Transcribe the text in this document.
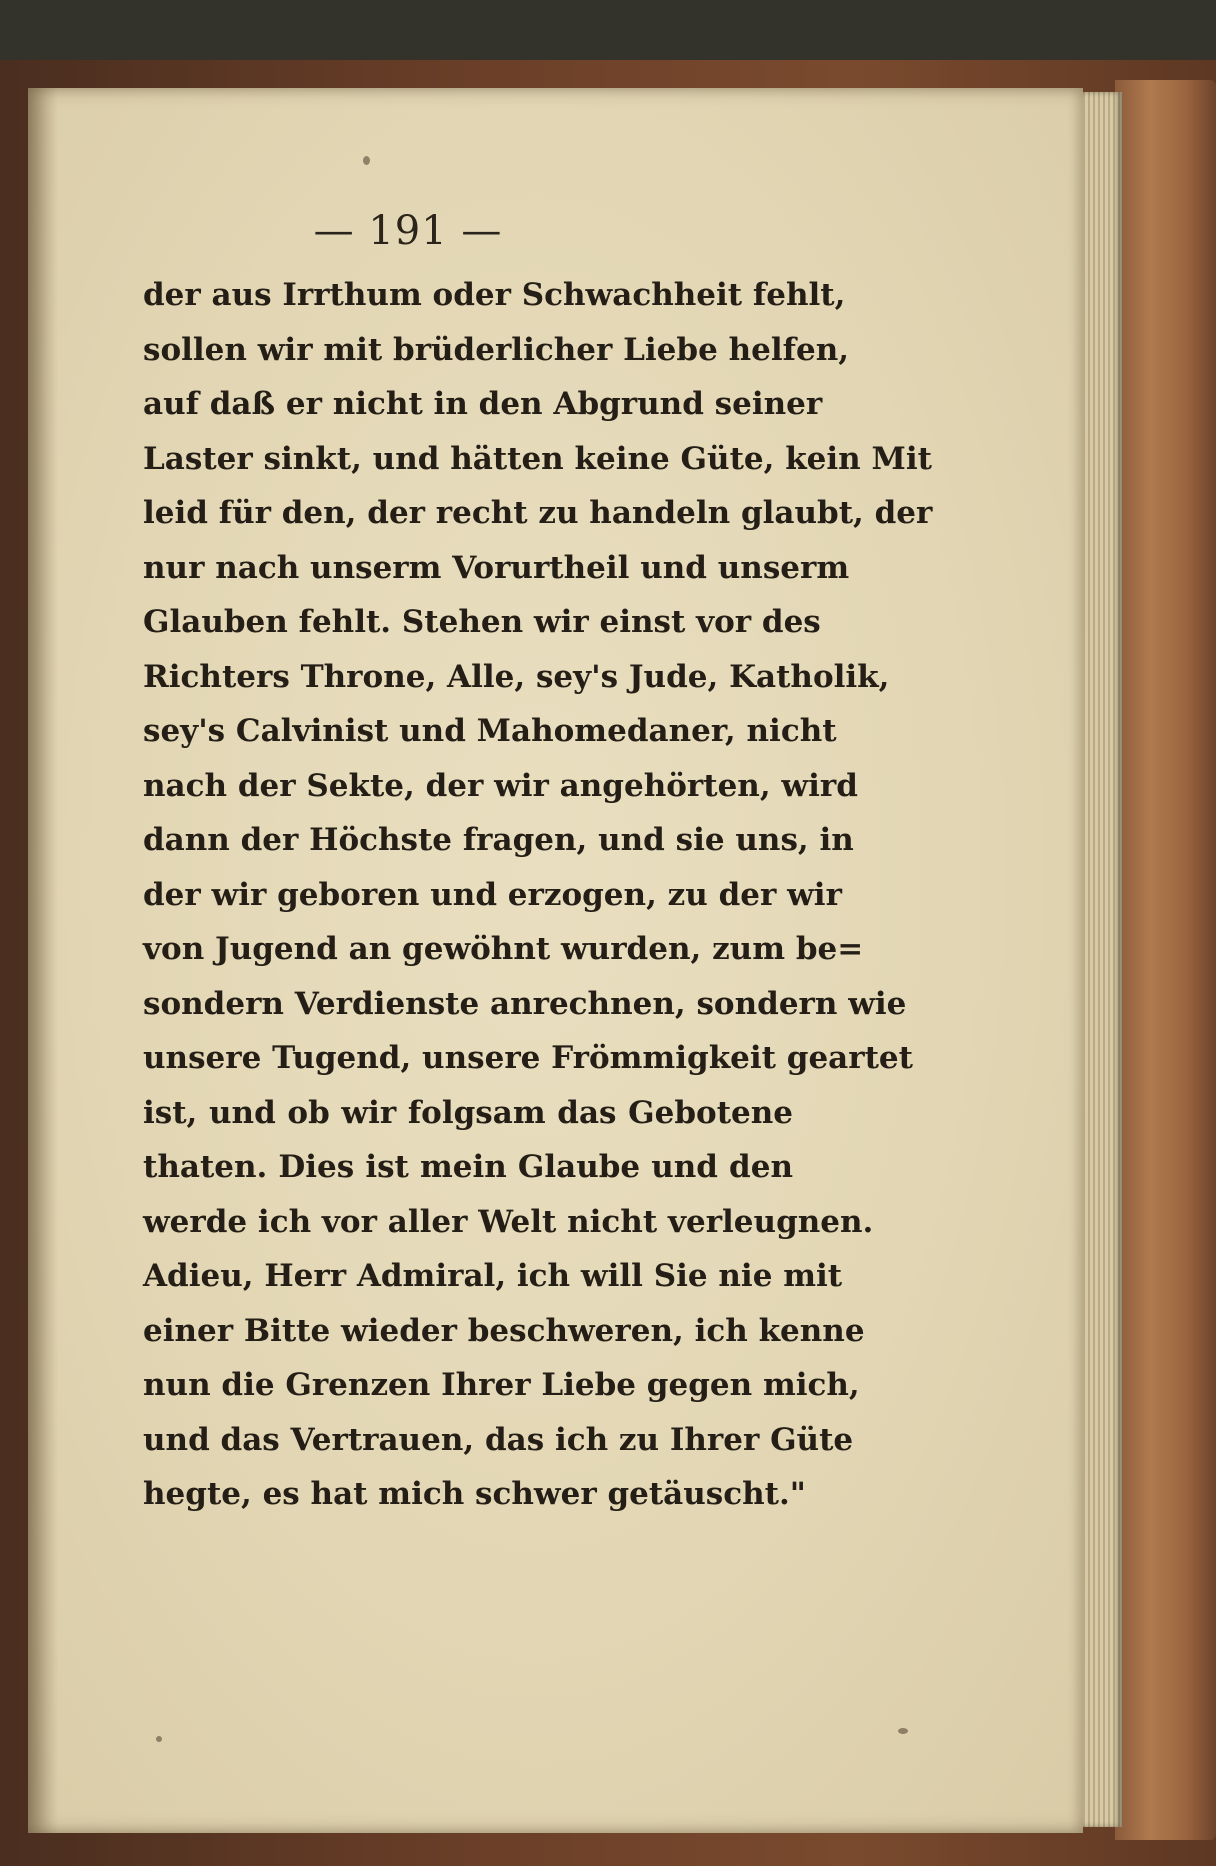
— 191 —
der aus Irrthum oder Schwachheit fehlt,
sollen wir mit brüderlicher Liebe helfen,
auf daß er nicht in den Abgrund seiner
Laster sinkt, und hätten keine Güte, kein Mit
leid für den, der recht zu handeln glaubt, der
nur nach unserm Vorurtheil und unserm
Glauben fehlt. Stehen wir einst vor des
Richters Throne, Alle, sey's Jude, Katholik,
sey's Calvinist und Mahomedaner, nicht
nach der Sekte, der wir angehörten, wird
dann der Höchste fragen, und sie uns, in
der wir geboren und erzogen, zu der wir
von Jugend an gewöhnt wurden, zum be=
sondern Verdienste anrechnen, sondern wie
unsere Tugend, unsere Frömmigkeit geartet
ist, und ob wir folgsam das Gebotene
thaten. Dies ist mein Glaube und den
werde ich vor aller Welt nicht verleugnen.
Adieu, Herr Admiral, ich will Sie nie mit
einer Bitte wieder beschweren, ich kenne
nun die Grenzen Ihrer Liebe gegen mich,
und das Vertrauen, das ich zu Ihrer Güte
hegte, es hat mich schwer getäuscht."
